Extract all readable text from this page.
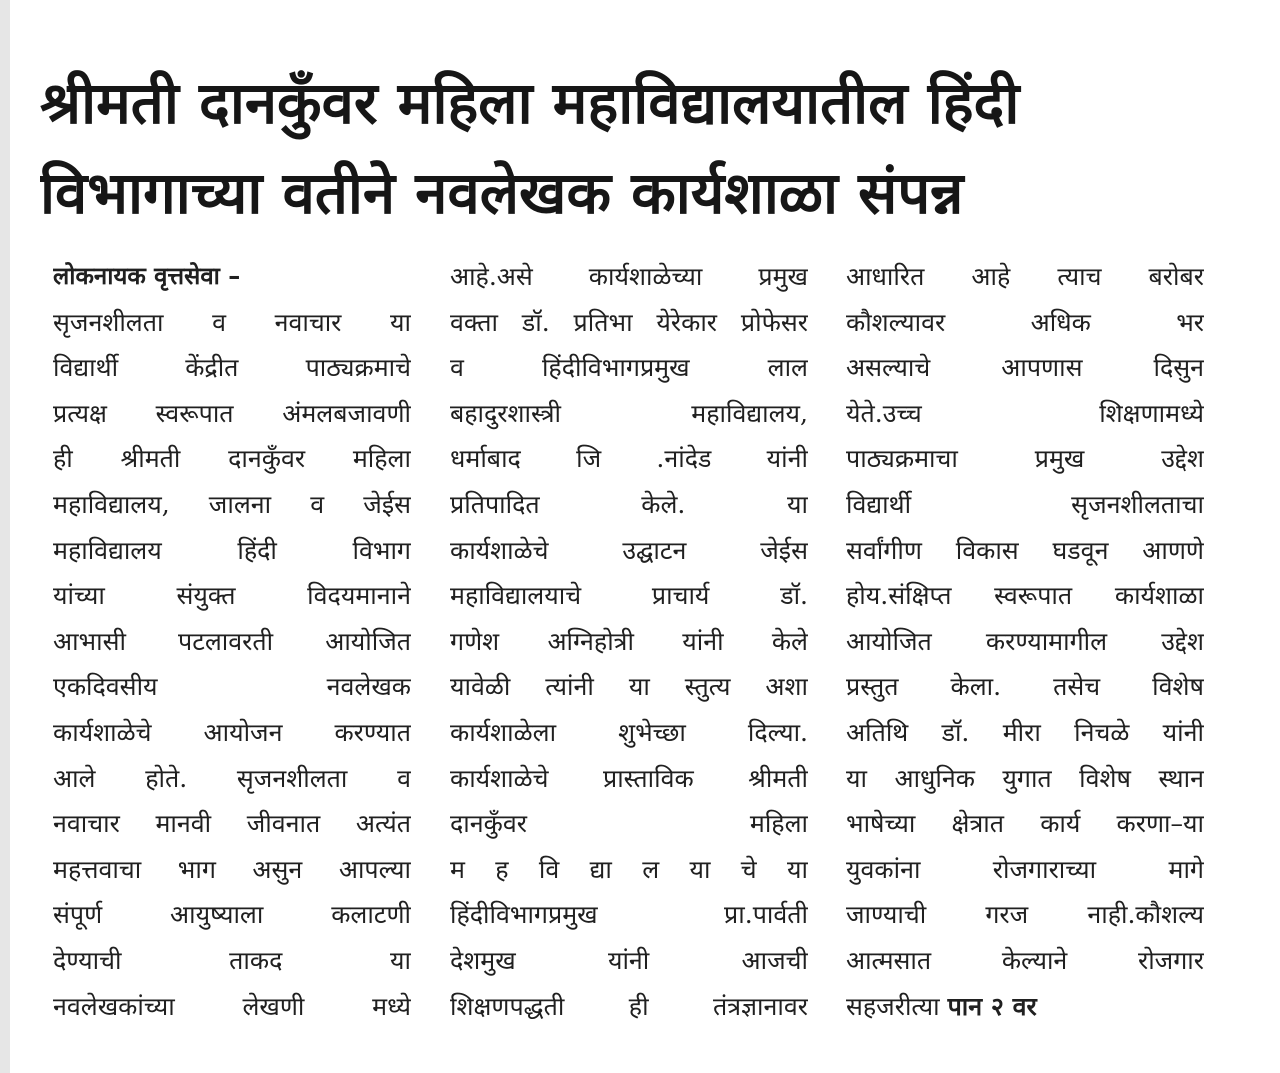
श्रीमती दानकुँवर महिला महाविद्यालयातील हिंदी
विभागाच्या वतीने नवलेखक कार्यशाळा संपन्न
लोकनायक वृत्तसेवा –
सृजनशीलता व नवाचार या
विद्यार्थी केंद्रीत पाठ्यक्रमाचे
प्रत्यक्ष स्वरूपात अंमलबजावणी
ही श्रीमती दानकुँवर महिला
महाविद्यालय, जालना व जेईस
महाविद्यालय हिंदी विभाग
यांच्या संयुक्त विदयमानाने
आभासी पटलावरती आयोजित
एकदिवसीय नवलेखक
कार्यशाळेचे आयोजन करण्यात
आले होते. सृजनशीलता व
नवाचार मानवी जीवनात अत्यंत
महत्तवाचा भाग असुन आपल्या
संपूर्ण आयुष्याला कलाटणी
देण्याची ताकद या
नवलेखकांच्या लेखणी मध्ये
आहे.असे कार्यशाळेच्या प्रमुख
वक्ता डॉ. प्रतिभा येरेकार प्रोफेसर
व हिंदीविभागप्रमुख लाल
बहादुरशास्त्री महाविद्यालय,
धर्माबाद जि .नांदेड यांनी
प्रतिपादित केले. या
कार्यशाळेचे उद्घाटन जेईस
महाविद्यालयाचे प्राचार्य डॉ.
गणेश अग्निहोत्री यांनी केले
यावेळी त्यांनी या स्तुत्य अशा
कार्यशाळेला शुभेच्छा दिल्या.
कार्यशाळेचे प्रास्ताविक श्रीमती
दानकुँवर महिला
म ह वि द्या ल या चे या
हिंदीविभागप्रमुख प्रा.पार्वती
देशमुख यांनी आजची
शिक्षणपद्धती ही तंत्रज्ञानावर
आधारित आहे त्याच बरोबर
कौशल्यावर अधिक भर
असल्याचे आपणास दिसुन
येते.उच्च शिक्षणामध्ये
पाठ्यक्रमाचा प्रमुख उद्देश
विद्यार्थी सृजनशीलताचा
सर्वांगीण विकास घडवून आणणे
होय.संक्षिप्त स्वरूपात कार्यशाळा
आयोजित करण्यामागील उद्देश
प्रस्तुत केला. तसेच विशेष
अतिथि डॉ. मीरा निचळे यांनी
या आधुनिक युगात विशेष स्थान
भाषेच्या क्षेत्रात कार्य करणा–या
युवकांना रोजगाराच्या मागे
जाण्याची गरज नाही.कौशल्य
आत्मसात केल्याने रोजगार
सहजरीत्या पान २ वर
